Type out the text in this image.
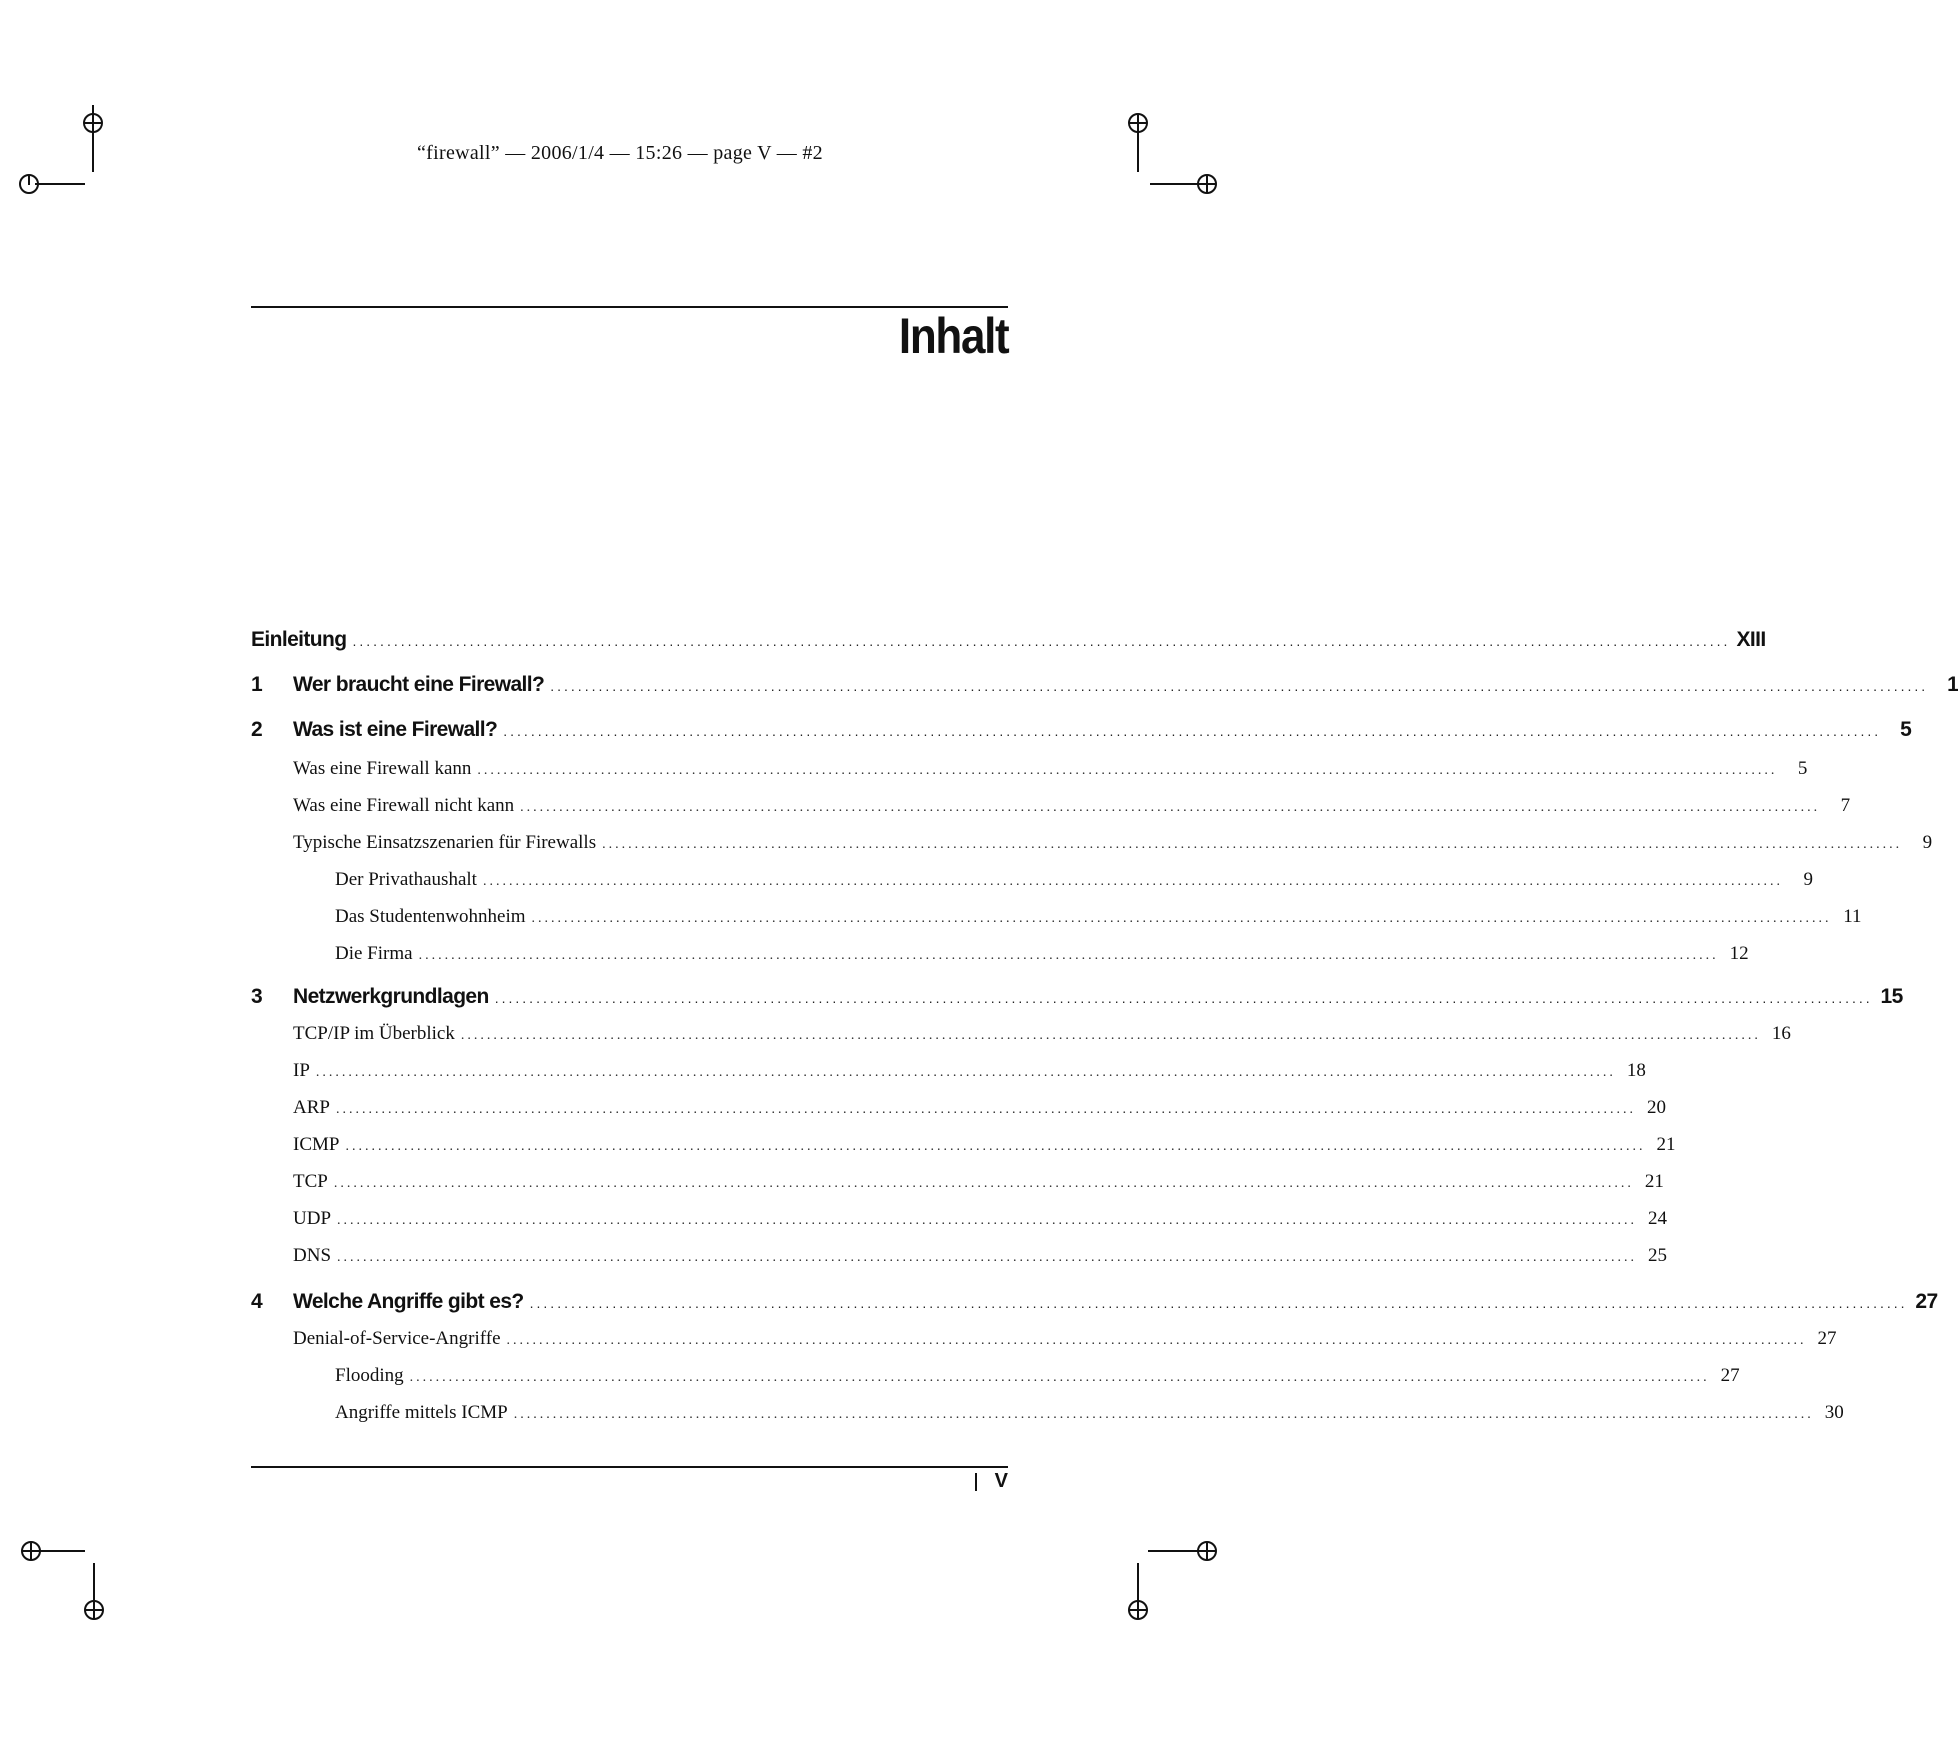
“firewall” — 2006/1/4 — 15:26 — page V — #2
Inhalt
Einleitung ........................................................................................................................................................................................................ XIII
1	Wer braucht eine Firewall? ........................................................................................................................................................................................................ 1
2	Was ist eine Firewall? ........................................................................................................................................................................................................ 5
Was eine Firewall kann ........................................................................................................................................................................................................	5
Was eine Firewall nicht kann ........................................................................................................................................................................................................	7
Typische Einsatzszenarien für Firewalls ........................................................................................................................................................................................................	9
Der Privathaushalt ........................................................................................................................................................................................................	9
Das Studentenwohnheim ........................................................................................................................................................................................................ 11
Die Firma ........................................................................................................................................................................................................ 12
3	Netzwerkgrundlagen ........................................................................................................................................................................................................ 15
TCP/IP im Überblick ........................................................................................................................................................................................................ 16
IP ........................................................................................................................................................................................................ 18
ARP ........................................................................................................................................................................................................ 20
ICMP ........................................................................................................................................................................................................ 21
TCP ........................................................................................................................................................................................................ 21
UDP ........................................................................................................................................................................................................ 24
DNS ........................................................................................................................................................................................................ 25
4	Welche Angriffe gibt es? ........................................................................................................................................................................................................ 27
Denial-of-Service-Angriffe ........................................................................................................................................................................................................ 27
Flooding ........................................................................................................................................................................................................ 27
Angriffe mittels ICMP ........................................................................................................................................................................................................ 30
V
